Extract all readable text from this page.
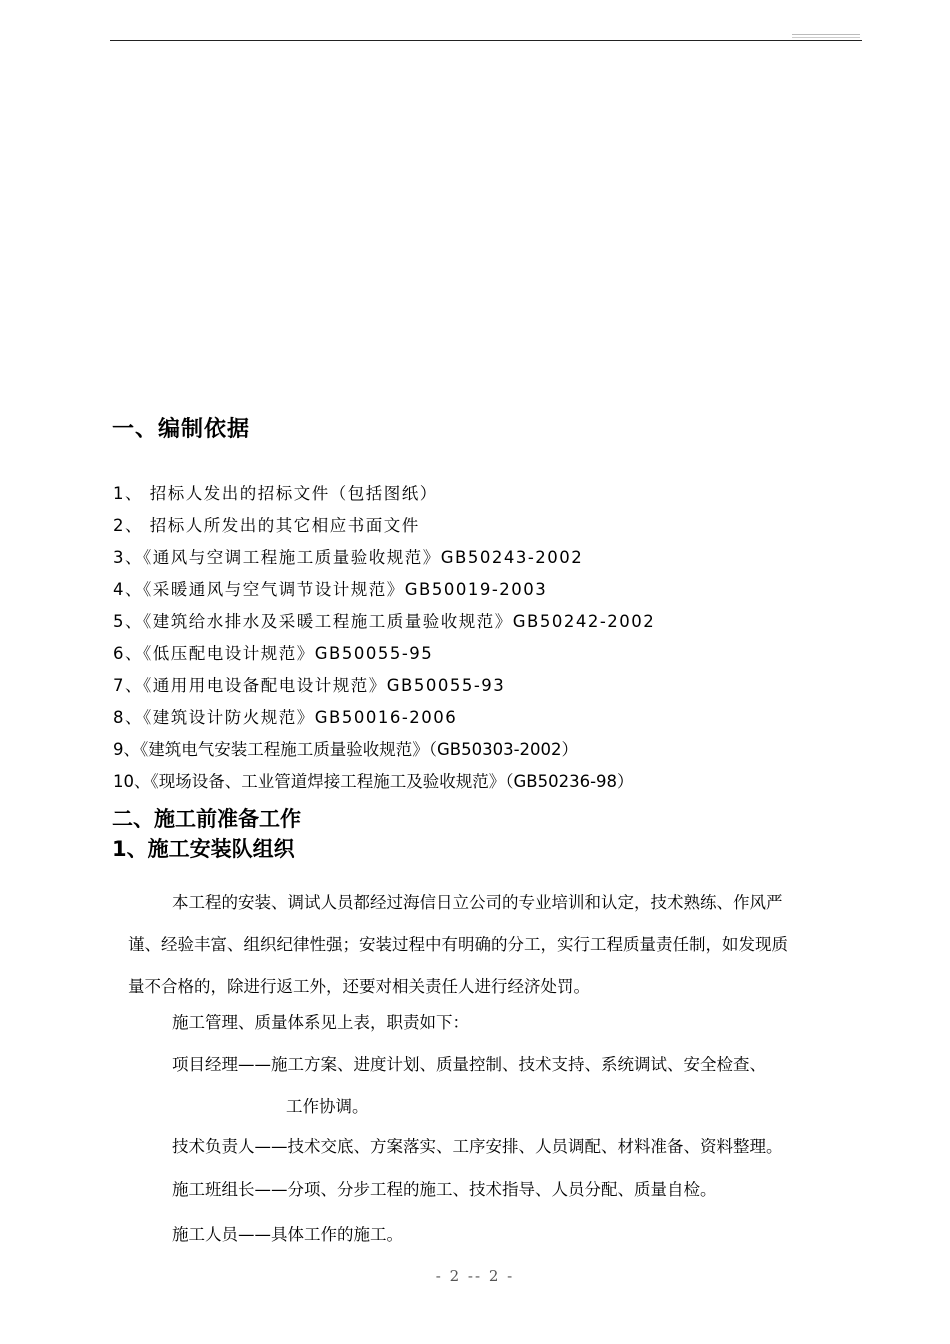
一、编制依据
1、 招标人发出的招标文件（包括图纸）
2、 招标人所发出的其它相应书面文件
3、《通风与空调工程施工质量验收规范》GB50243-2002
4、《采暖通风与空气调节设计规范》GB50019-2003
5、《建筑给水排水及采暖工程施工质量验收规范》GB50242-2002
6、《低压配电设计规范》GB50055-95
7、《通用用电设备配电设计规范》GB50055-93
8、《建筑设计防火规范》GB50016-2006
9、《建筑电气安装工程施工质量验收规范》（GB50303-2002）
10、《现场设备、工业管道焊接工程施工及验收规范》（GB50236-98）
二、施工前准备工作
1、施工安装队组织
本工程的安装、调试人员都经过海信日立公司的专业培训和认定，技术熟练、作风严
谨、经验丰富、组织纪律性强；安装过程中有明确的分工，实行工程质量责任制，如发现质
量不合格的，除进行返工外，还要对相关责任人进行经济处罚。
施工管理、质量体系见上表，职责如下：
项目经理——施工方案、进度计划、质量控制、技术支持、系统调试、安全检查、
工作协调。
技术负责人——技术交底、方案落实、工序安排、人员调配、材料准备、资料整理。
施工班组长——分项、分步工程的施工、技术指导、人员分配、质量自检。
施工人员——具体工作的施工。
- 2 -- 2 -
